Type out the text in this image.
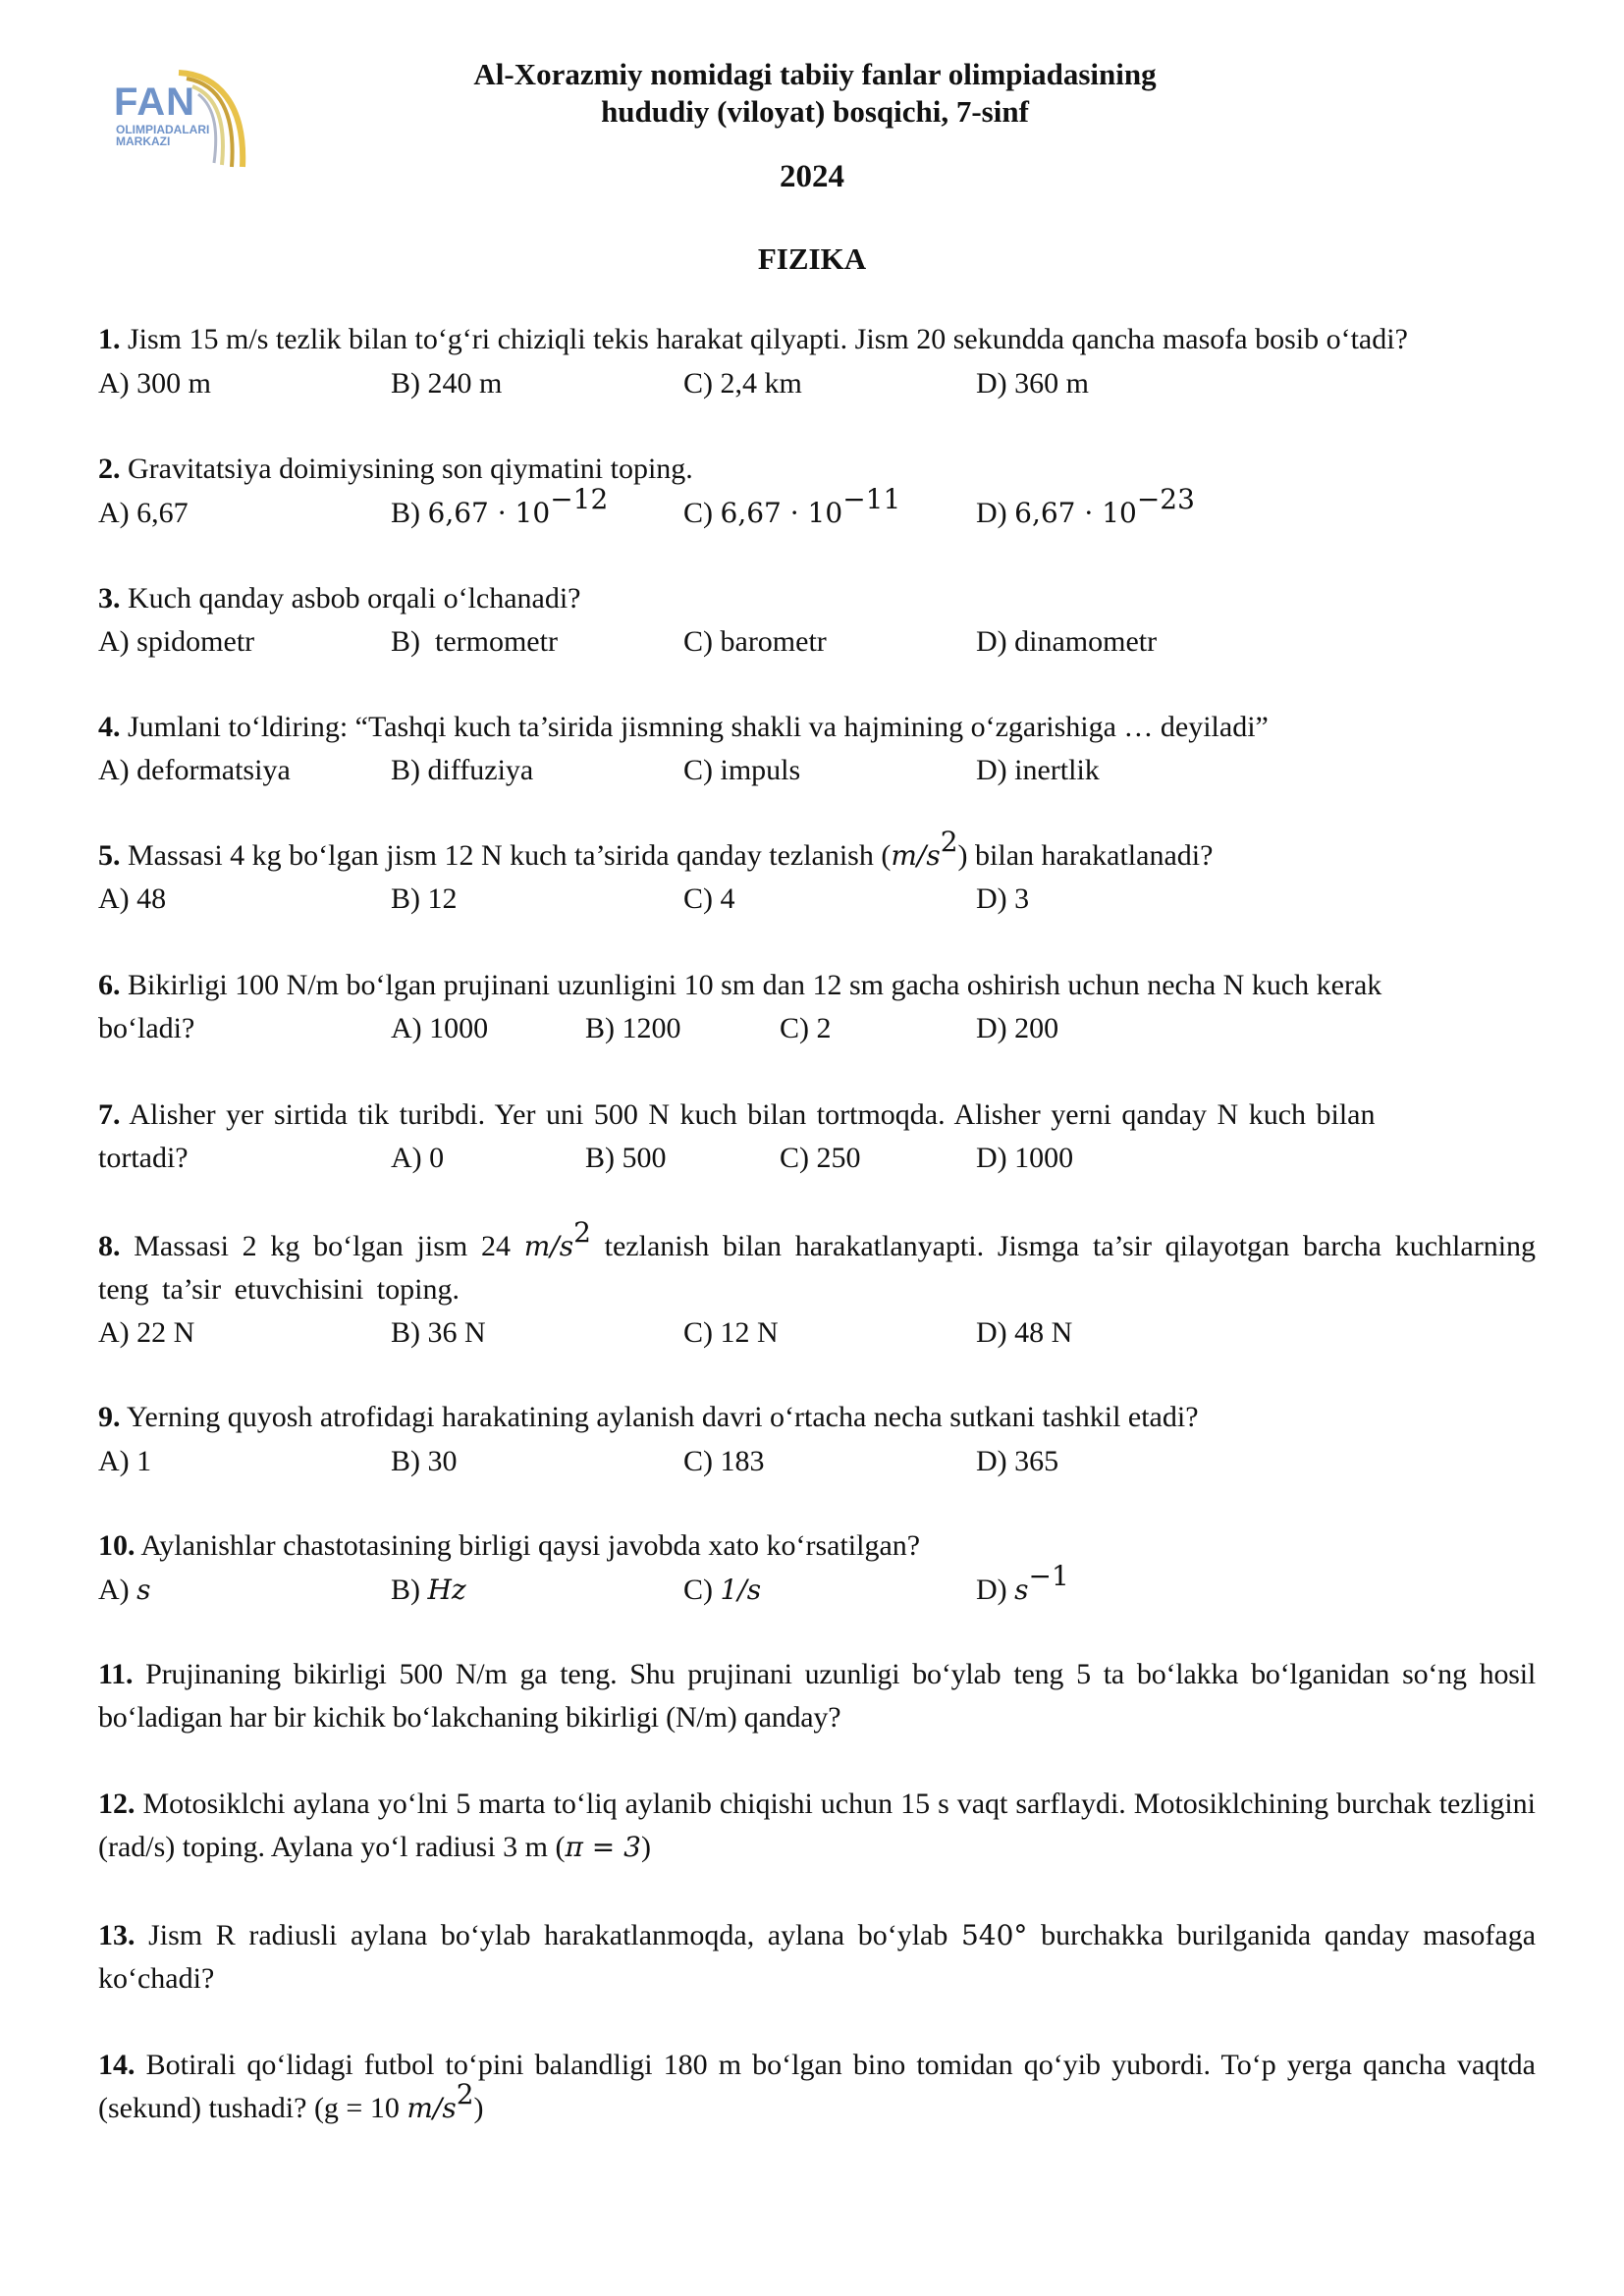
FAN
OLIMPIADALARI MARKAZI
Al-Xorazmiy nomidagi tabiiy fanlar olimpiadasining
hududiy (viloyat) bosqichi, 7-sinf
2024
FIZIKA
1. Jism 15 m/s tezlik bilan to‘g‘ri chiziqli tekis harakat qilyapti. Jism 20 sekundda qancha masofa bosib o‘tadi?
A) 300 m	B) 240 m	C) 2,4 km	D) 360 m
2. Gravitatsiya doimiysining son qiymatini toping.
A) 6,67	B) $6,67 \cdot 10^{-12}$	C) $6,67 \cdot 10^{-11}$	D) $6,67 \cdot 10^{-23}$
3. Kuch qanday asbob orqali o‘lchanadi?
A) spidometr	B)  termometr	C) barometr	D) dinamometr
4. Jumlani to‘ldiring: “Tashqi kuch ta’sirida jismning shakli va hajmining o‘zgarishiga … deyiladi”
A) deformatsiya	B) diffuziya	C) impuls	D) inertlik
5. Massasi 4 kg bo‘lgan jism 12 N kuch ta’sirida qanday tezlanish $(m/s^2)$ bilan harakatlanadi?
A) 48	B) 12	C) 4	D) 3
6. Bikirligi 100 N/m bo‘lgan prujinani uzunligini 10 sm dan 12 sm gacha oshirish uchun necha N kuch kerak
bo‘ladi?	A) 1000	B) 1200	C) 2	D) 200
7. Alisher yer sirtida tik turibdi. Yer uni 500 N kuch bilan tortmoqda. Alisher yerni qanday N kuch bilan
tortadi?	A) 0	B) 500	C) 250	D) 1000
8. Massasi 2 kg bo‘lgan jism 24 $m/s^2$ tezlanish bilan harakatlanyapti. Jismga ta’sir qilayotgan barcha kuchlarning teng ta’sir etuvchisini toping.
A) 22 N	B) 36 N	C) 12 N	D) 48 N
9. Yerning quyosh atrofidagi harakatining aylanish davri o‘rtacha necha sutkani tashkil etadi?
A) 1	B) 30	C) 183	D) 365
10. Aylanishlar chastotasining birligi qaysi javobda xato ko‘rsatilgan?
A) s	B) Hz	C) 1/s	D) $s^{-1}$
11. Prujinaning bikirligi 500 N/m ga teng. Shu prujinani uzunligi bo‘ylab teng 5 ta bo‘lakka bo‘lganidan so‘ng hosil bo‘ladigan har bir kichik bo‘lakchaning bikirligi (N/m) qanday?
12. Motosiklchi aylana yo‘lni 5 marta to‘liq aylanib chiqishi uchun 15 s vaqt sarflaydi. Motosiklchining burchak tezligini (rad/s) toping. Aylana yo‘l radiusi 3 m (π = 3)
13. Jism R radiusli aylana bo‘ylab harakatlanmoqda, aylana bo‘ylab 540° burchakka burilganida qanday masofaga ko‘chadi?
14. Botirali qo‘lidagi futbol to‘pini balandligi 180 m bo‘lgan bino tomidan qo‘yib yubordi. To‘p yerga qancha vaqtda (sekund) tushadi? (g = 10 $m/s^2$)
